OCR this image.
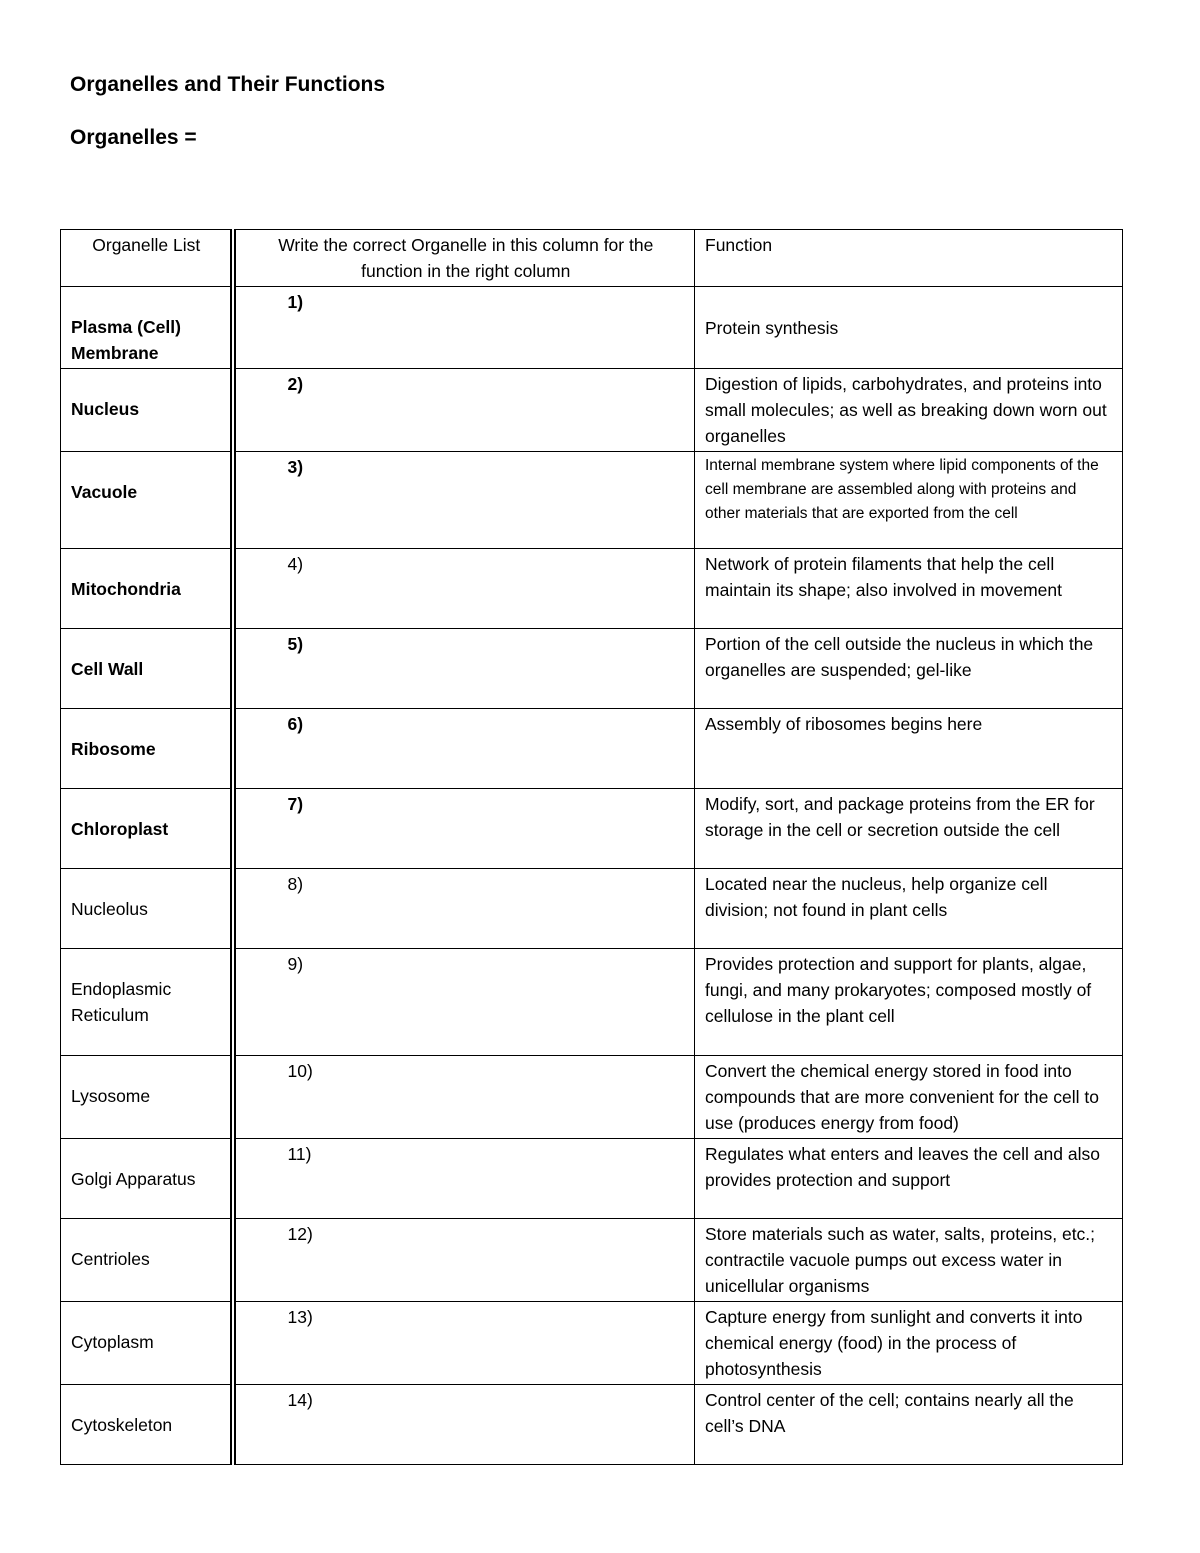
Organelles and Their Functions
Organelles =
Organelle List	Write the correct Organelle in this column for the function in the right column	Function
Plasma (Cell) Membrane	1)	Protein synthesis
Nucleus	2)	Digestion of lipids, carbohydrates, and proteins into small molecules; as well as breaking down worn out organelles
Vacuole	3)	Internal membrane system where lipid components of the cell membrane are assembled along with proteins and other materials that are exported from the cell
Mitochondria	4)	Network of protein filaments that help the cell maintain its shape; also involved in movement
Cell Wall	5)	Portion of the cell outside the nucleus in which the organelles are suspended; gel-like
Ribosome	6)	Assembly of ribosomes begins here
Chloroplast	7)	Modify, sort, and package proteins from the ER for storage in the cell or secretion outside the cell
Nucleolus	8)	Located near the nucleus, help organize cell division; not found in plant cells
Endoplasmic Reticulum	9)	Provides protection and support for plants, algae, fungi, and many prokaryotes; composed mostly of cellulose in the plant cell
Lysosome	10)	Convert the chemical energy stored in food into compounds that are more convenient for the cell to use (produces energy from food)
Golgi Apparatus	11)	Regulates what enters and leaves the cell and also provides protection and support
Centrioles	12)	Store materials such as water, salts, proteins, etc.; contractile vacuole pumps out excess water in unicellular organisms
Cytoplasm	13)	Capture energy from sunlight and converts it into chemical energy (food) in the process of photosynthesis
Cytoskeleton	14)	Control center of the cell; contains nearly all the cell’s DNA
